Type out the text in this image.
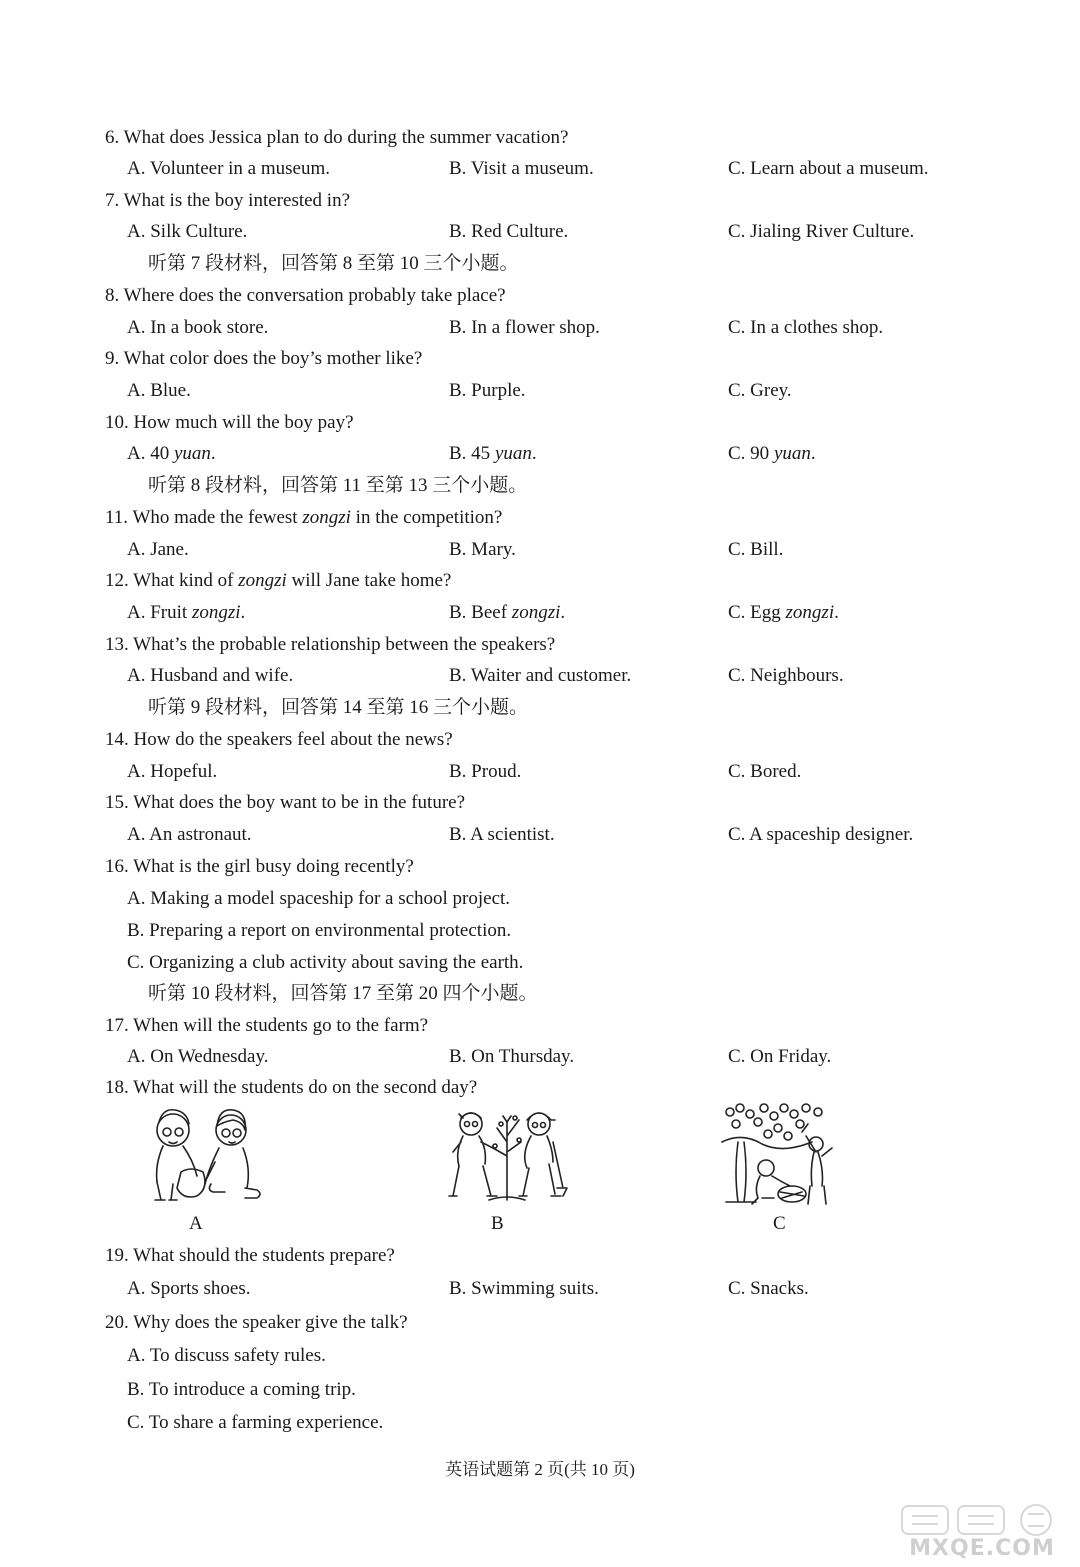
6. What does Jessica plan to do during the summer vacation?
A. Volunteer in a museum.	B. Visit a museum.	C. Learn about a museum.
7. What is the boy interested in?
A. Silk Culture.	B. Red Culture.	C. Jialing River Culture.
听第 7 段材料，回答第 8 至第 10 三个小题。
8. Where does the conversation probably take place?
A. In a book store.	B. In a flower shop.	C. In a clothes shop.
9. What color does the boy’s mother like?
A. Blue.	B. Purple.	C. Grey.
10. How much will the boy pay?
A. 40 yuan.	B. 45 yuan.	C. 90 yuan.
听第 8 段材料，回答第 11 至第 13 三个小题。
11. Who made the fewest zongzi in the competition?
A. Jane.	B. Mary.	C. Bill.
12. What kind of zongzi will Jane take home?
A. Fruit zongzi.	B. Beef zongzi.	C. Egg zongzi.
13. What’s the probable relationship between the speakers?
A. Husband and wife.	B. Waiter and customer.	C. Neighbours.
听第 9 段材料，回答第 14 至第 16 三个小题。
14. How do the speakers feel about the news?
A. Hopeful.	B. Proud.	C. Bored.
15. What does the boy want to be in the future?
A. An astronaut.	B. A scientist.	C. A spaceship designer.
16. What is the girl busy doing recently?
A. Making a model spaceship for a school project.
B. Preparing a report on environmental protection.
C. Organizing a club activity about saving the earth.
听第 10 段材料，回答第 17 至第 20 四个小题。
17. When will the students go to the farm?
A. On Wednesday.	B. On Thursday.	C. On Friday.
18. What will the students do on the second day?
A	B	C
19. What should the students prepare?
A. Sports shoes.	B. Swimming suits.	C. Snacks.
20. Why does the speaker give the talk?
A. To discuss safety rules.
B. To introduce a coming trip.
C. To share a farming experience.
英语试题第 2 页(共 10 页)
MXQE.COM
